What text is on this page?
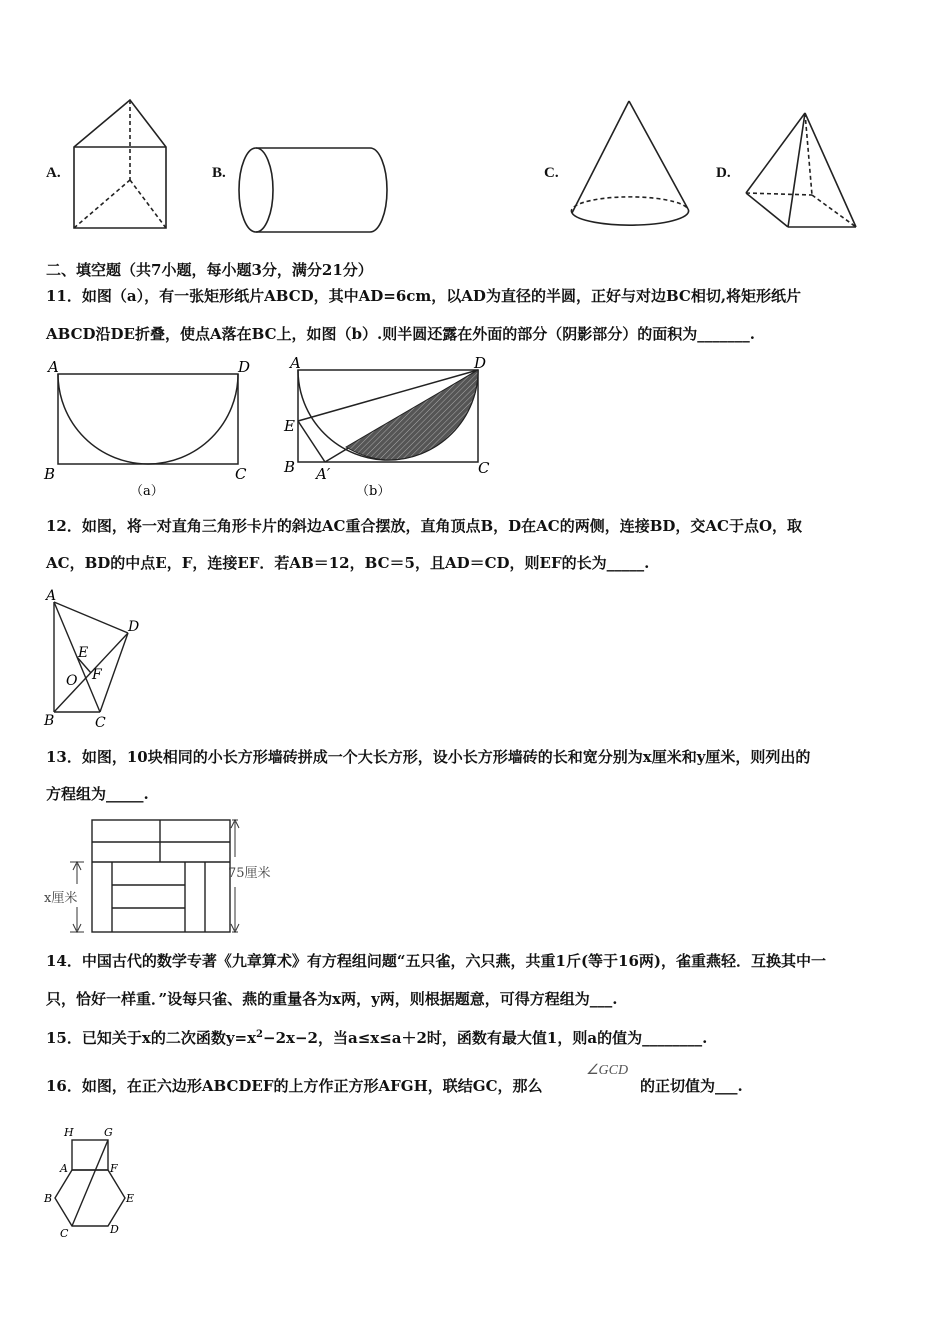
A.	B.	C.	D.
二、填空题（共7小题，每小题3分，满分21分）
11．如图（a），有一张矩形纸片ABCD，其中AD=6cm，以AD为直径的半圆，正好与对边BC相切,将矩形纸片
ABCD沿DE折叠，使点A落在BC上，如图（b）.则半圆还露在外面的部分（阴影部分）的面积为_______.
A	D
B	C
（a）
A	D
E
B A′	C
（b）
12．如图，将一对直角三角形卡片的斜边AC重合摆放，直角顶点B，D在AC的两侧，连接BD，交AC于点O，取
AC，BD的中点E，F，连接EF．若AB＝12，BC＝5，且AD＝CD，则EF的长为_____.
A
D
E
O F
B	C
13．如图，10块相同的小长方形墙砖拼成一个大长方形，设小长方形墙砖的长和宽分别为x厘米和y厘米，则列出的
方程组为_____.
75厘米
x厘米
14．中国古代的数学专著《九章算术》有方程组问题“五只雀，六只燕，共重1斤(等于16两)，雀重燕轻．互换其中一
只，恰好一样重．”设每只雀、燕的重量各为x两，y两，则根据题意，可得方程组为___.
15．已知关于x的二次函数$y=x^2-2x-2$，当a≤x≤a＋2时，函数有最大值1，则a的值为________.
16．如图，在正六边形ABCDEF的上方作正方形AFGH，联结GC，那么
∠GCD
的正切值为___.
H	G
A	F
B	E
C	D
